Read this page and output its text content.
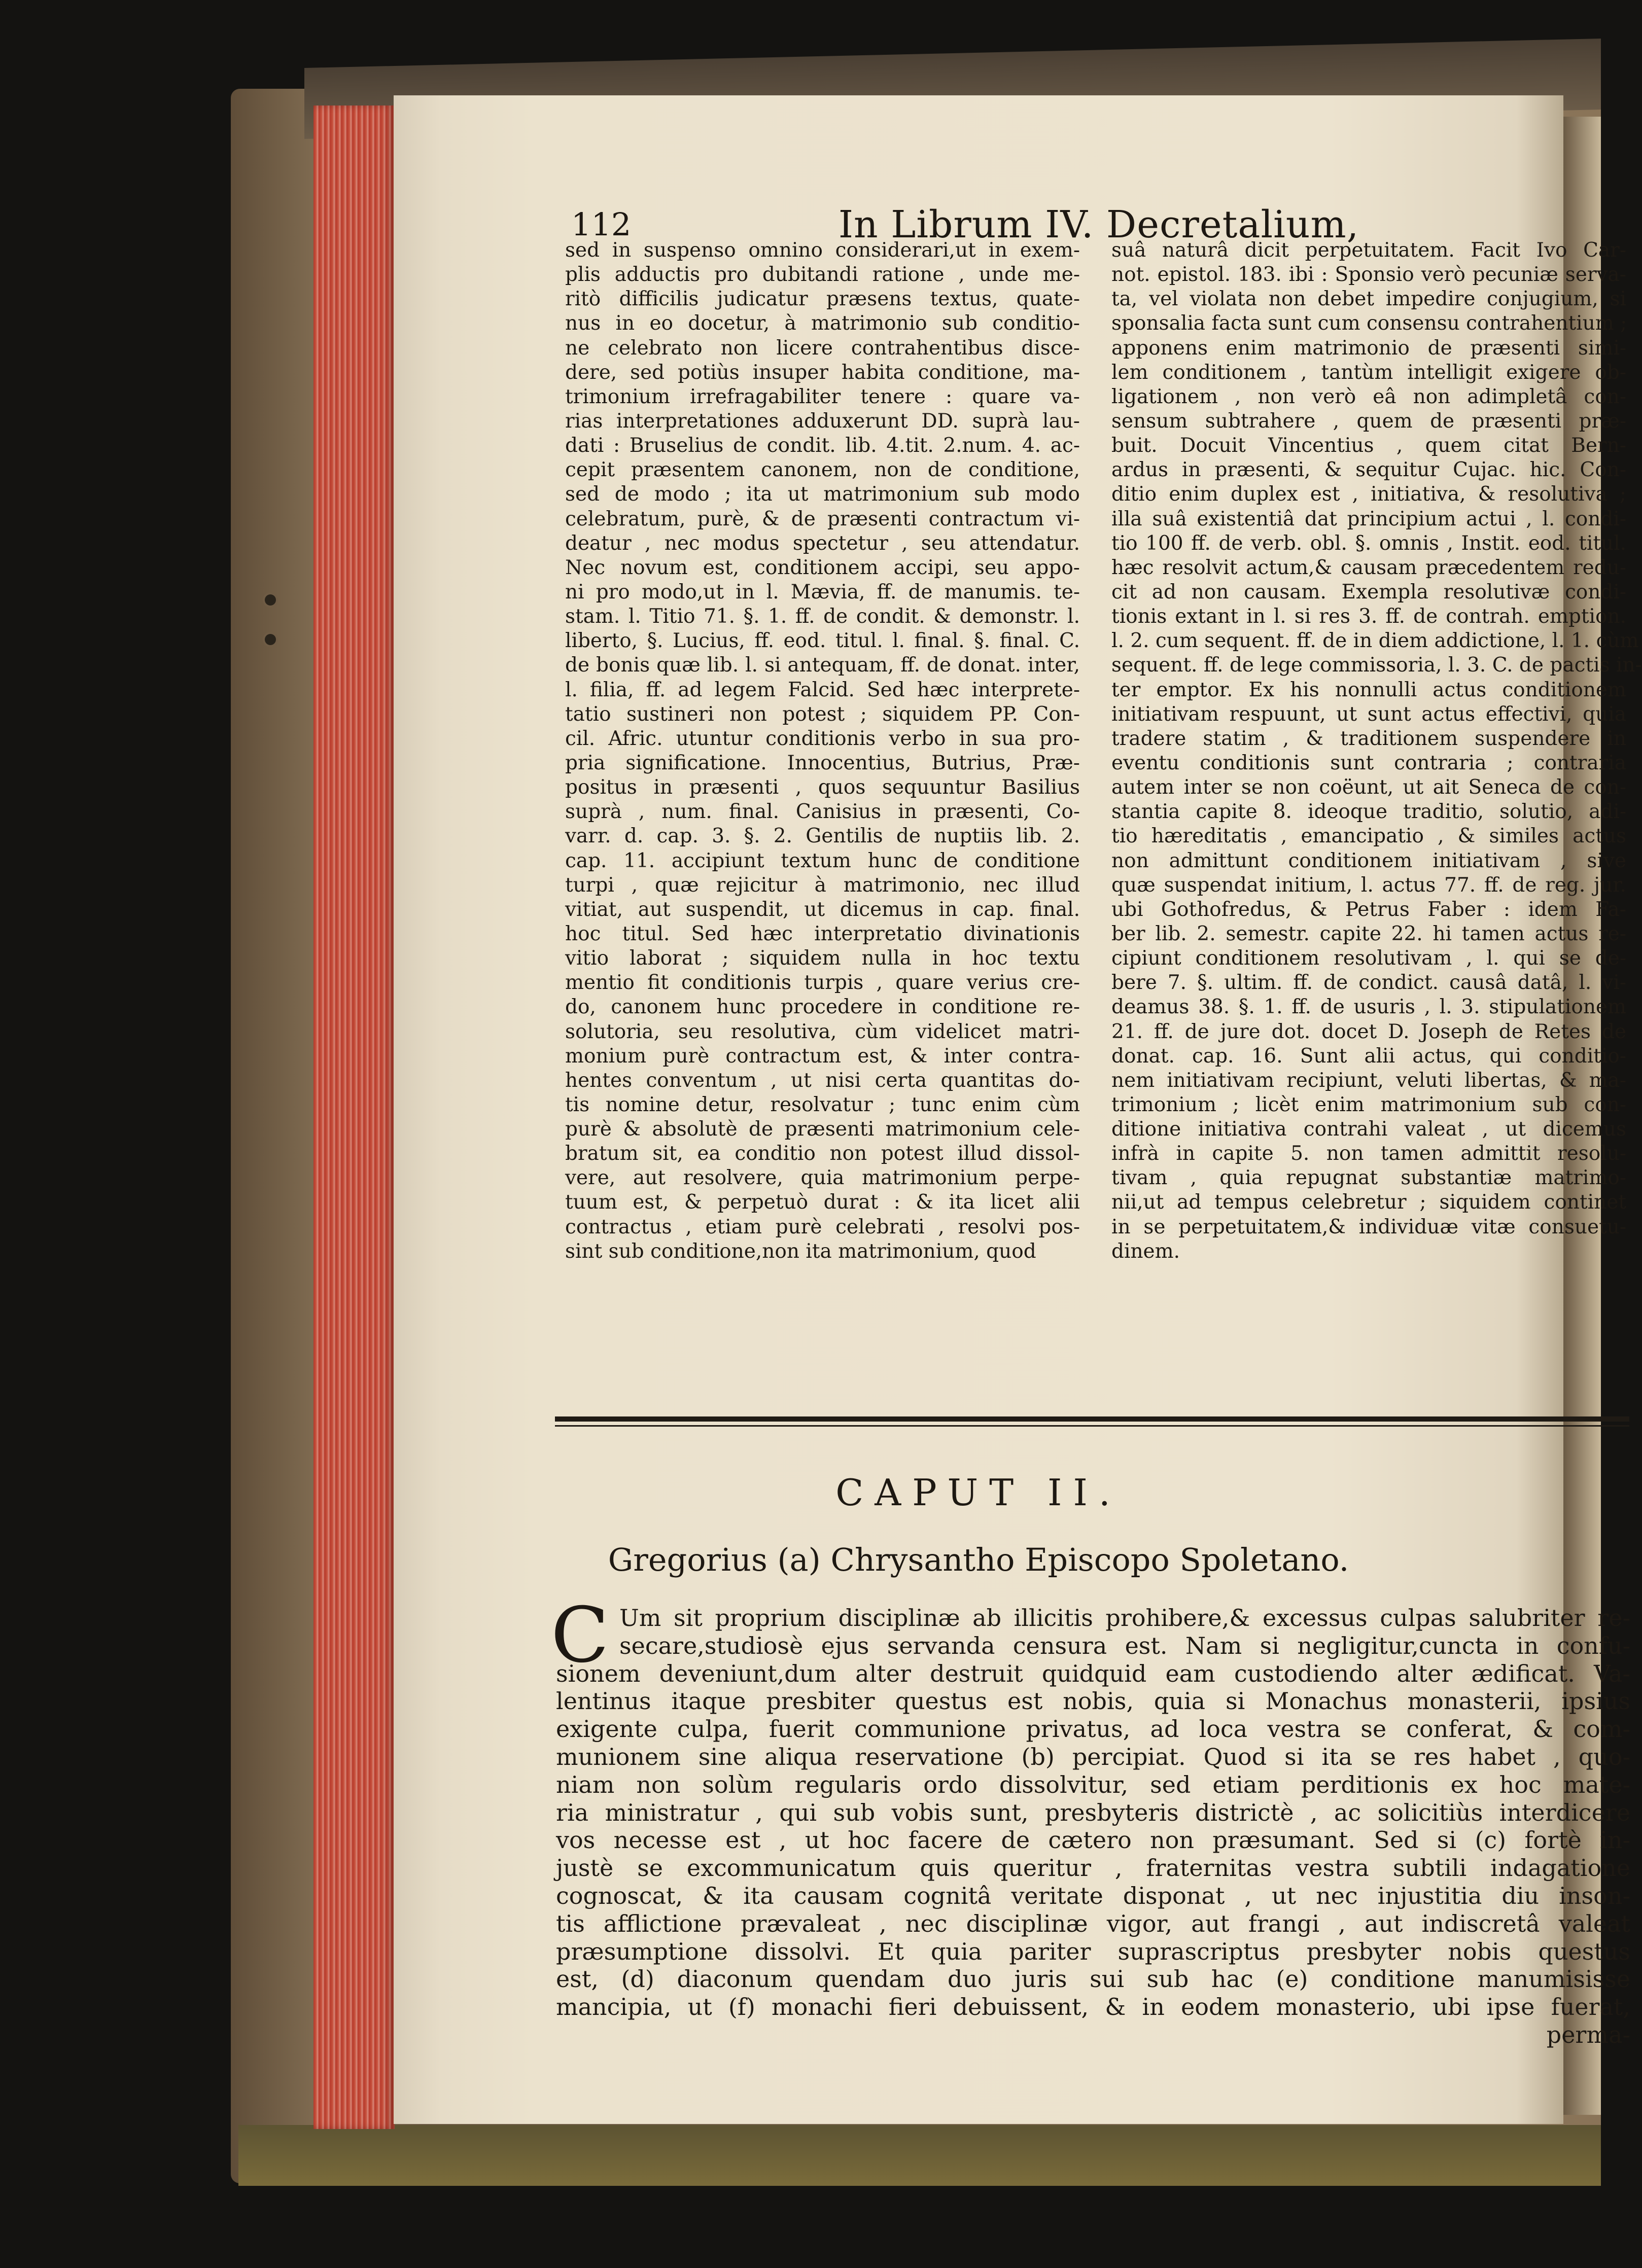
112	In Librum IV. Decretalium,
sed in suspenso omnino considerari,ut in exem-
plis adductis pro dubitandi ratione , unde me-
ritò difficilis judicatur præsens textus, quate-
nus in eo docetur, à matrimonio sub conditio-
ne celebrato non licere contrahentibus disce-
dere, sed potiùs insuper habita conditione, ma-
trimonium irrefragabiliter tenere : quare va-
rias interpretationes adduxerunt DD. suprà lau-
dati : Bruselius de condit. lib. 4.tit. 2.num. 4. ac-
cepit præsentem canonem, non de conditione,
sed de modo ; ita ut matrimonium sub modo
celebratum, purè, & de præsenti contractum vi-
deatur , nec modus spectetur , seu attendatur.
Nec novum est, conditionem accipi, seu appo-
ni pro modo,ut in l. Mævia, ff. de manumis. te-
stam. l. Titio 71. §. 1. ff. de condit. & demonstr. l.
liberto, §. Lucius, ff. eod. titul. l. final. §. final. C.
de bonis quæ lib. l. si antequam, ff. de donat. inter,
l. filia, ff. ad legem Falcid. Sed hæc interprete-
tatio sustineri non potest ; siquidem PP. Con-
cil. Afric. utuntur conditionis verbo in sua pro-
pria significatione. Innocentius, Butrius, Præ-
positus in præsenti , quos sequuntur Basilius
suprà , num. final. Canisius in præsenti, Co-
varr. d. cap. 3. §. 2. Gentilis de nuptiis lib. 2.
cap. 11. accipiunt textum hunc de conditione
turpi , quæ rejicitur à matrimonio, nec illud
vitiat, aut suspendit, ut dicemus in cap. final.
hoc titul. Sed hæc interpretatio divinationis
vitio laborat ; siquidem nulla in hoc textu
mentio fit conditionis turpis , quare verius cre-
do, canonem hunc procedere in conditione re-
solutoria, seu resolutiva, cùm videlicet matri-
monium purè contractum est, & inter contra-
hentes conventum , ut nisi certa quantitas do-
tis nomine detur, resolvatur ; tunc enim cùm
purè & absolutè de præsenti matrimonium cele-
bratum sit, ea conditio non potest illud dissol-
vere, aut resolvere, quia matrimonium perpe-
tuum est, & perpetuò durat : & ita licet alii
contractus , etiam purè celebrati , resolvi pos-
sint sub conditione,non ita matrimonium, quod
suâ naturâ dicit perpetuitatem. Facit Ivo Car-
not. epistol. 183. ibi : Sponsio verò pecuniæ serva-
ta, vel violata non debet impedire conjugium, si
sponsalia facta sunt cum consensu contrahentium ;
apponens enim matrimonio de præsenti simi-
lem conditionem , tantùm intelligit exigere ob-
ligationem , non verò eâ non adimpletâ con-
sensum subtrahere , quem de præsenti præ-
buit. Docuit Vincentius , quem citat Bern-
ardus in præsenti, & sequitur Cujac. hic. Con-
ditio enim duplex est , initiativa, & resolutiva ;
illa suâ existentiâ dat principium actui , l. condi-
tio 100 ff. de verb. obl. §. omnis , Instit. eod. titul.
hæc resolvit actum,& causam præcedentem redu-
cit ad non causam. Exempla resolutivæ condi-
tionis extant in l. si res 3. ff. de contrah. emption.
l. 2. cum sequent. ff. de in diem addictione, l. 1. cùm
sequent. ff. de lege commissoria, l. 3. C. de pactis in-
ter emptor. Ex his nonnulli actus conditionem
initiativam respuunt, ut sunt actus effectivi, quia
tradere statim , & traditionem suspendere in
eventu conditionis sunt contraria ; contraria
autem inter se non coëunt, ut ait Seneca de con-
stantia capite 8. ideoque traditio, solutio, adi-
tio hæreditatis , emancipatio , & similes actus
non admittunt conditionem initiativam , sive
quæ suspendat initium, l. actus 77. ff. de reg. jur.
ubi Gothofredus, & Petrus Faber : idem Fa-
ber lib. 2. semestr. capite 22. hi tamen actus re-
cipiunt conditionem resolutivam , l. qui se de-
bere 7. §. ultim. ff. de condict. causâ datâ, l. vi-
deamus 38. §. 1. ff. de usuris , l. 3. stipulationem
21. ff. de jure dot. docet D. Joseph de Retes de
donat. cap. 16. Sunt alii actus, qui conditio-
nem initiativam recipiunt, veluti libertas, & ma-
trimonium ; licèt enim matrimonium sub con-
ditione initiativa contrahi valeat , ut dicemus
infrà in capite 5. non tamen admittit resolu-
tivam , quia repugnat substantiæ matrimo-
nii,ut ad tempus celebretur ; siquidem continet
in se perpetuitatem,& individuæ vitæ consuetu-
dinem.
CAPUT II.
Gregorius (a) Chrysantho Episcopo Spoletano.
C Um sit proprium disciplinæ ab illicitis prohibere,& excessus culpas salubriter re-
secare,studiosè ejus servanda censura est. Nam si negligitur,cuncta in confu-
sionem deveniunt,dum alter destruit quidquid eam custodiendo alter ædificat. Va-
lentinus itaque presbiter questus est nobis, quia si Monachus monasterii, ipsius
exigente culpa, fuerit communione privatus, ad loca vestra se conferat, & com-
munionem sine aliqua reservatione (b) percipiat. Quod si ita se res habet , quo-
niam non solùm regularis ordo dissolvitur, sed etiam perditionis ex hoc mate-
ria ministratur , qui sub vobis sunt, presbyteris districtè , ac solicitiùs interdicere
vos necesse est , ut hoc facere de cætero non præsumant. Sed si (c) fortè in-
justè se excommunicatum quis queritur , fraternitas vestra subtili indagatione
cognoscat, & ita causam cognitâ veritate disponat , ut nec injustitia diu inson-
tis afflictione prævaleat , nec disciplinæ vigor, aut frangi , aut indiscretâ valeat
præsumptione dissolvi. Et quia pariter suprascriptus presbyter nobis questus
est, (d) diaconum quendam duo juris sui sub hac (e) conditione manumisisse
mancipia, ut (f) monachi fieri debuissent, & in eodem monasterio, ubi ipse fuerat,
perma-
